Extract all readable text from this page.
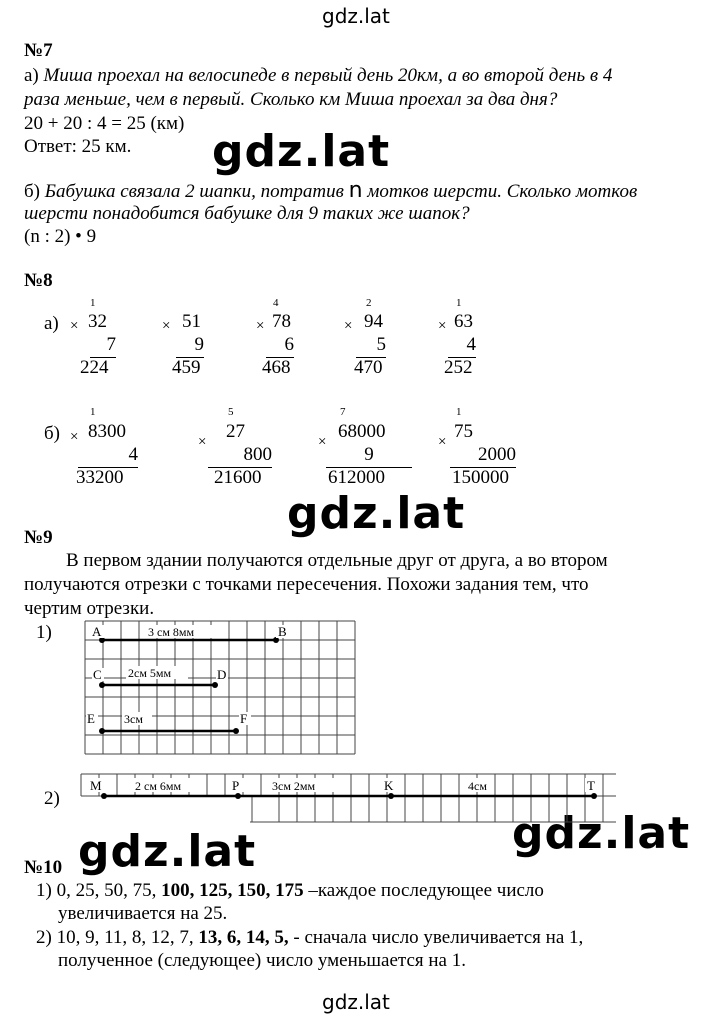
gdz.lat
gdz.lat
gdz.lat
gdz.lat
gdz.lat
gdz.lat
№7
а) Миша проехал на велосипеде в первый день 20км, а во второй день в 4
раза меньше, чем в первый. Сколько км Миша проехал за два дня?
20 + 20 : 4 = 25 (км)
Ответ: 25 км.
б) Бабушка связала 2 шапки, потратив n мотков шерсти. Сколько мотков
шерсти понадобится бабушке для 9 таких же шапок?
(n : 2) • 9
№8
а)
б)
1
× 32
7
224
× 51
9
459
4
× 78
6
468
2
× 94
5
470
1
× 63
4
252
1
× 8300
4
33200
5
× 27
800
21600
7
× 68000
9
612000
1
× 75
2000
150000
№9
В первом здании получаются отдельные друг от друга, а во втором
получаются отрезки с точками пересечения. Похожи задания тем, что
чертим отрезки.
1)
2)
A	3 см 8мм	B
C 2см 5мм	D
E 3см	F
M	2 см 6мм	P	3см 2мм	K	4см	T
№10
1) 0, 25, 50, 75, 100, 125, 150, 175 –каждое последующее число
увеличивается на 25.
2) 10, 9, 11, 8, 12, 7, 13, 6, 14, 5, - сначала число увеличивается на 1,
полученное (следующее) число уменьшается на 1.
